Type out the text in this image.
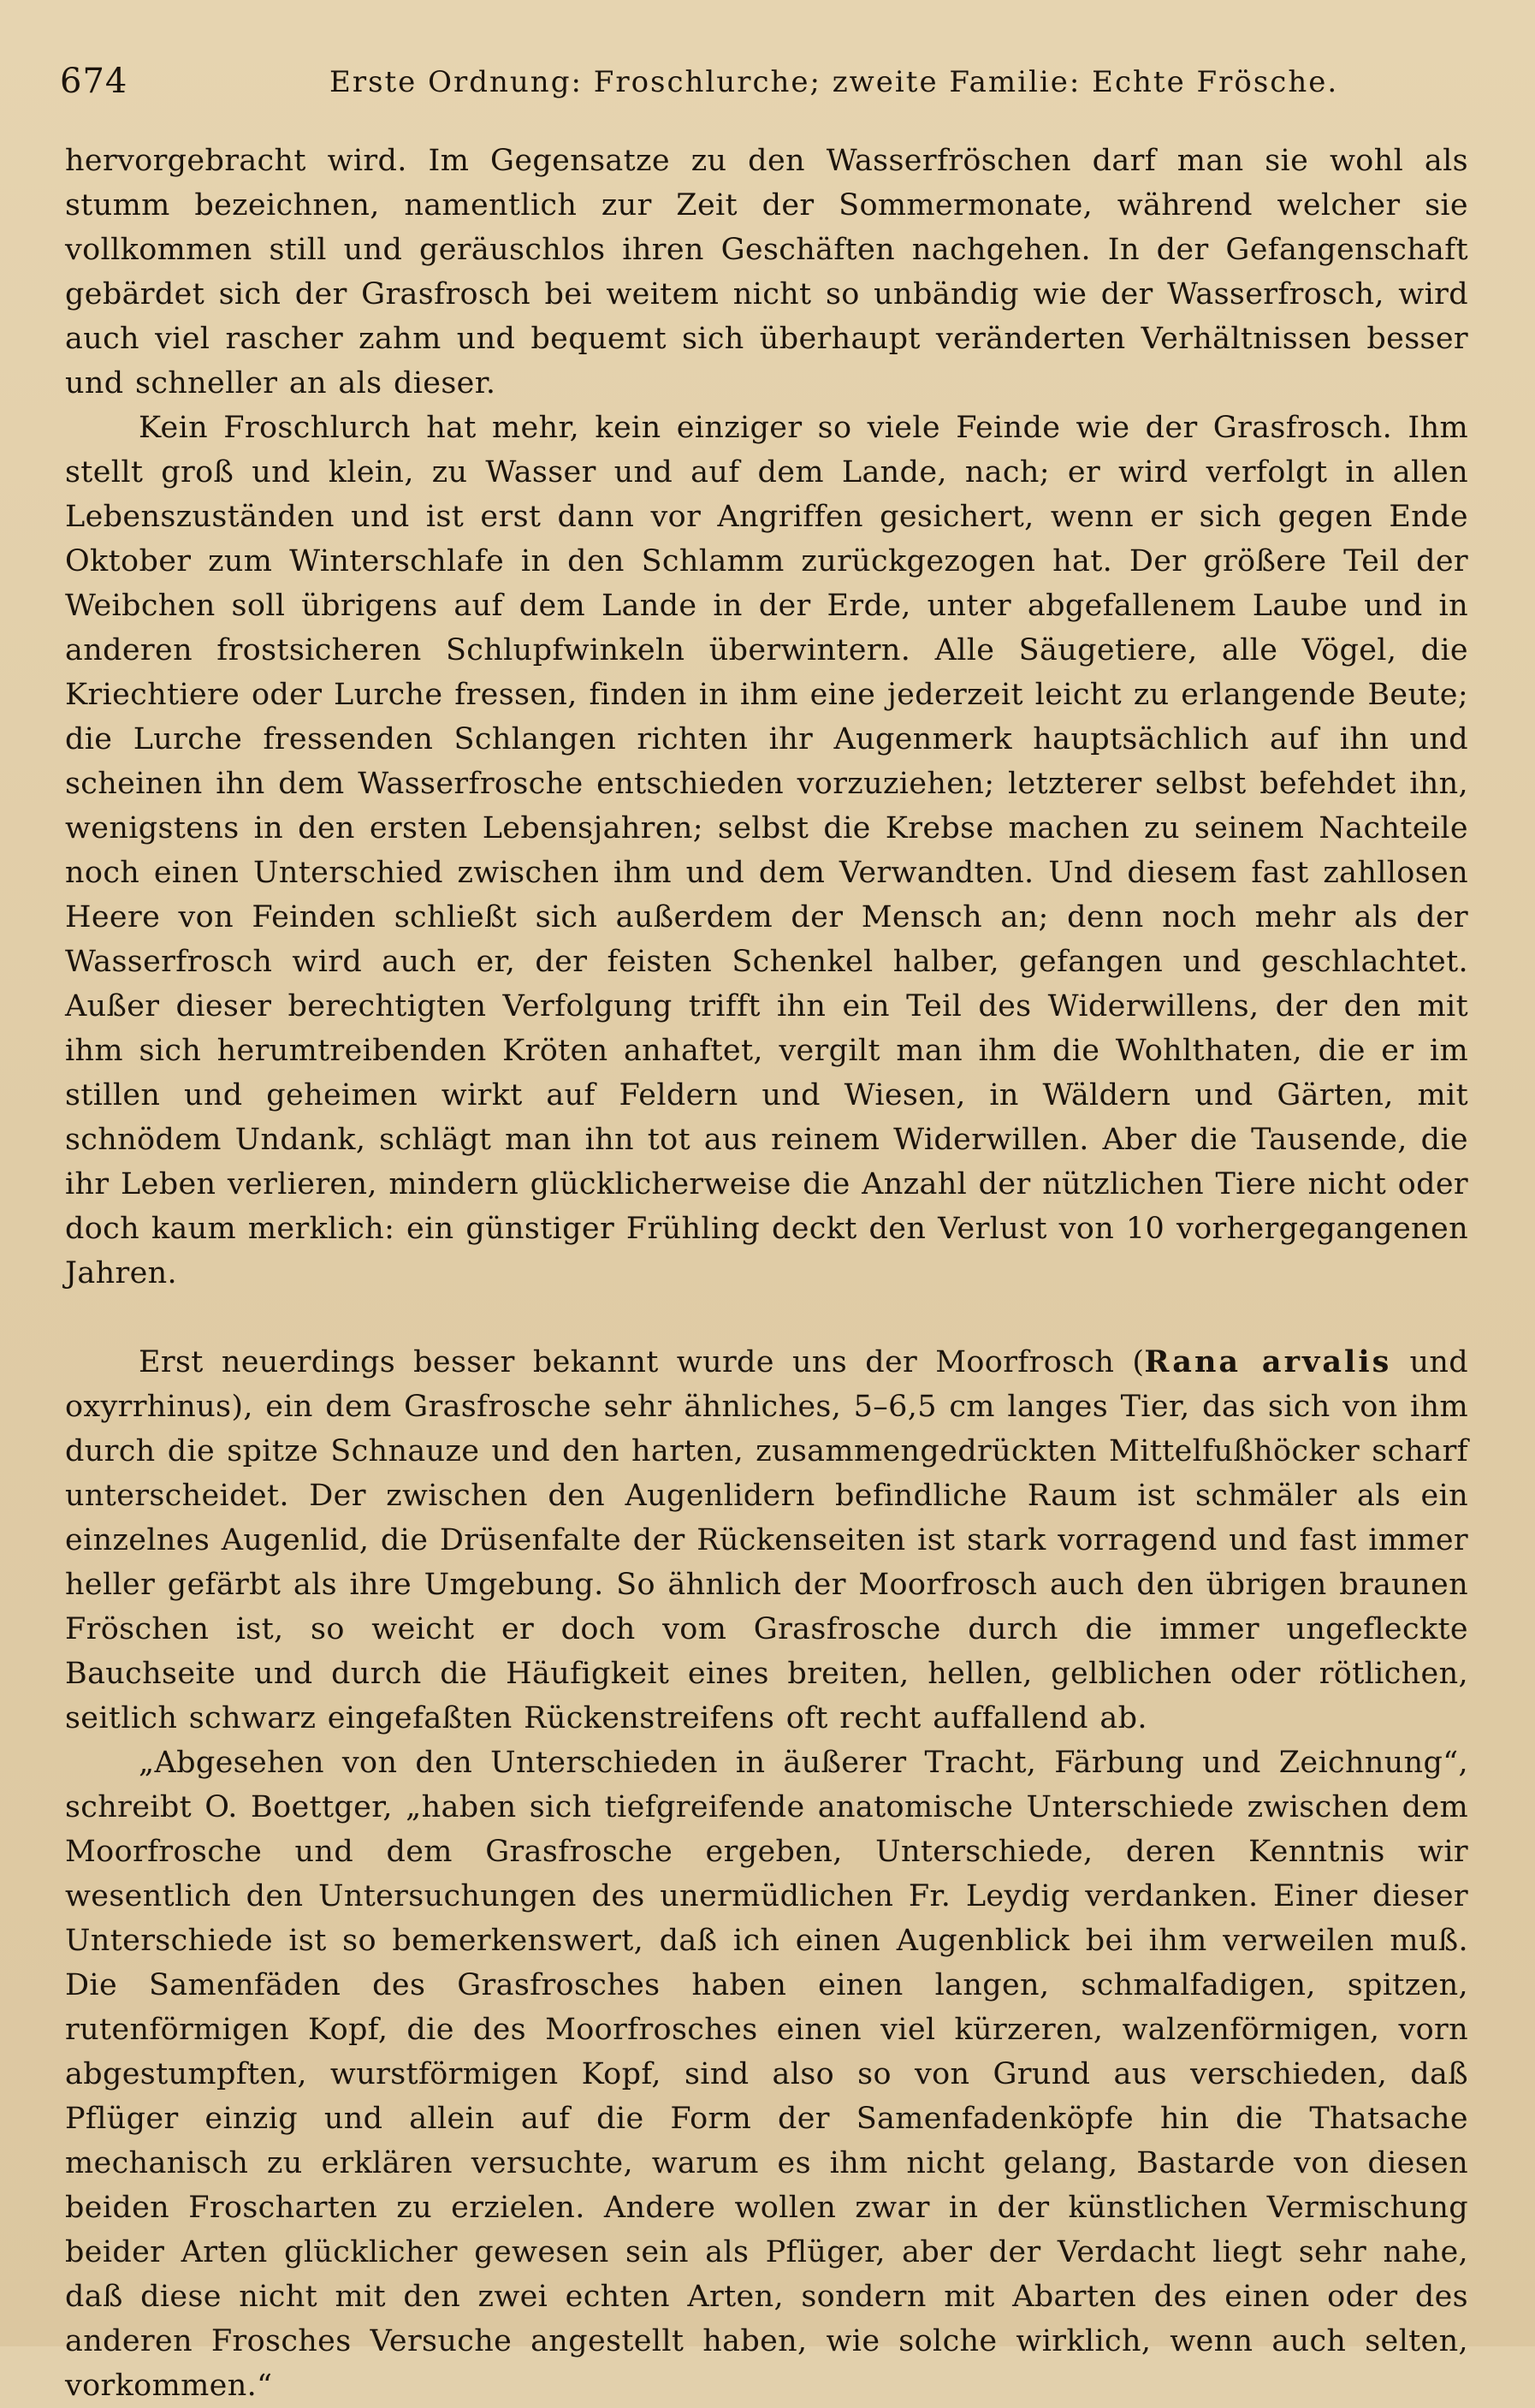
674	Erste Ordnung: Froschlurche; zweite Familie: Echte Frösche.

hervorgebracht wird. Im Gegensatze zu den Wasserfröschen darf man sie wohl als stumm bezeichnen, namentlich zur Zeit der Sommermonate, während welcher sie vollkommen still und geräuschlos ihren Geschäften nachgehen. In der Gefangenschaft gebärdet sich der Grasfrosch bei weitem nicht so unbändig wie der Wasserfrosch, wird auch viel rascher zahm und bequemt sich überhaupt veränderten Verhältnissen besser und schneller an als dieser.

Kein Froschlurch hat mehr, kein einziger so viele Feinde wie der Grasfrosch. Ihm stellt groß und klein, zu Wasser und auf dem Lande, nach; er wird verfolgt in allen Lebenszuständen und ist erst dann vor Angriffen gesichert, wenn er sich gegen Ende Oktober zum Winterschlafe in den Schlamm zurückgezogen hat. Der größere Teil der Weibchen soll übrigens auf dem Lande in der Erde, unter abgefallenem Laube und in anderen frostsicheren Schlupfwinkeln überwintern. Alle Säugetiere, alle Vögel, die Kriechtiere oder Lurche fressen, finden in ihm eine jederzeit leicht zu erlangende Beute; die Lurche fressenden Schlangen richten ihr Augenmerk hauptsächlich auf ihn und scheinen ihn dem Wasserfrosche entschieden vorzuziehen; letzterer selbst befehdet ihn, wenigstens in den ersten Lebensjahren; selbst die Krebse machen zu seinem Nachteile noch einen Unterschied zwischen ihm und dem Verwandten. Und diesem fast zahllosen Heere von Feinden schließt sich außerdem der Mensch an; denn noch mehr als der Wasserfrosch wird auch er, der feisten Schenkel halber, gefangen und geschlachtet. Außer dieser berechtigten Verfolgung trifft ihn ein Teil des Widerwillens, der den mit ihm sich herumtreibenden Kröten anhaftet, vergilt man ihm die Wohlthaten, die er im stillen und geheimen wirkt auf Feldern und Wiesen, in Wäldern und Gärten, mit schnödem Undank, schlägt man ihn tot aus reinem Widerwillen. Aber die Tausende, die ihr Leben verlieren, mindern glücklicherweise die Anzahl der nützlichen Tiere nicht oder doch kaum merklich: ein günstiger Frühling deckt den Verlust von 10 vorhergegangenen Jahren.

Erst neuerdings besser bekannt wurde uns der Moorfrosch (Rana arvalis und oxyrrhinus), ein dem Grasfrosche sehr ähnliches, 5–6,5 cm langes Tier, das sich von ihm durch die spitze Schnauze und den harten, zusammengedrückten Mittelfußhöcker scharf unterscheidet. Der zwischen den Augenlidern befindliche Raum ist schmäler als ein einzelnes Augenlid, die Drüsenfalte der Rückenseiten ist stark vorragend und fast immer heller gefärbt als ihre Umgebung. So ähnlich der Moorfrosch auch den übrigen braunen Fröschen ist, so weicht er doch vom Grasfrosche durch die immer ungefleckte Bauchseite und durch die Häufigkeit eines breiten, hellen, gelblichen oder rötlichen, seitlich schwarz eingefaßten Rückenstreifens oft recht auffallend ab.

„Abgesehen von den Unterschieden in äußerer Tracht, Färbung und Zeichnung“, schreibt O. Boettger, „haben sich tiefgreifende anatomische Unterschiede zwischen dem Moorfrosche und dem Grasfrosche ergeben, Unterschiede, deren Kenntnis wir wesentlich den Untersuchungen des unermüdlichen Fr. Leydig verdanken. Einer dieser Unterschiede ist so bemerkenswert, daß ich einen Augenblick bei ihm verweilen muß. Die Samenfäden des Grasfrosches haben einen langen, schmalfadigen, spitzen, rutenförmigen Kopf, die des Moorfrosches einen viel kürzeren, walzenförmigen, vorn abgestumpften, wurstförmigen Kopf, sind also so von Grund aus verschieden, daß Pflüger einzig und allein auf die Form der Samenfadenköpfe hin die Thatsache mechanisch zu erklären versuchte, warum es ihm nicht gelang, Bastarde von diesen beiden Froscharten zu erzielen. Andere wollen zwar in der künstlichen Vermischung beider Arten glücklicher gewesen sein als Pflüger, aber der Verdacht liegt sehr nahe, daß diese nicht mit den zwei echten Arten, sondern mit Abarten des einen oder des anderen Frosches Versuche angestellt haben, wie solche wirklich, wenn auch selten, vorkommen.“
